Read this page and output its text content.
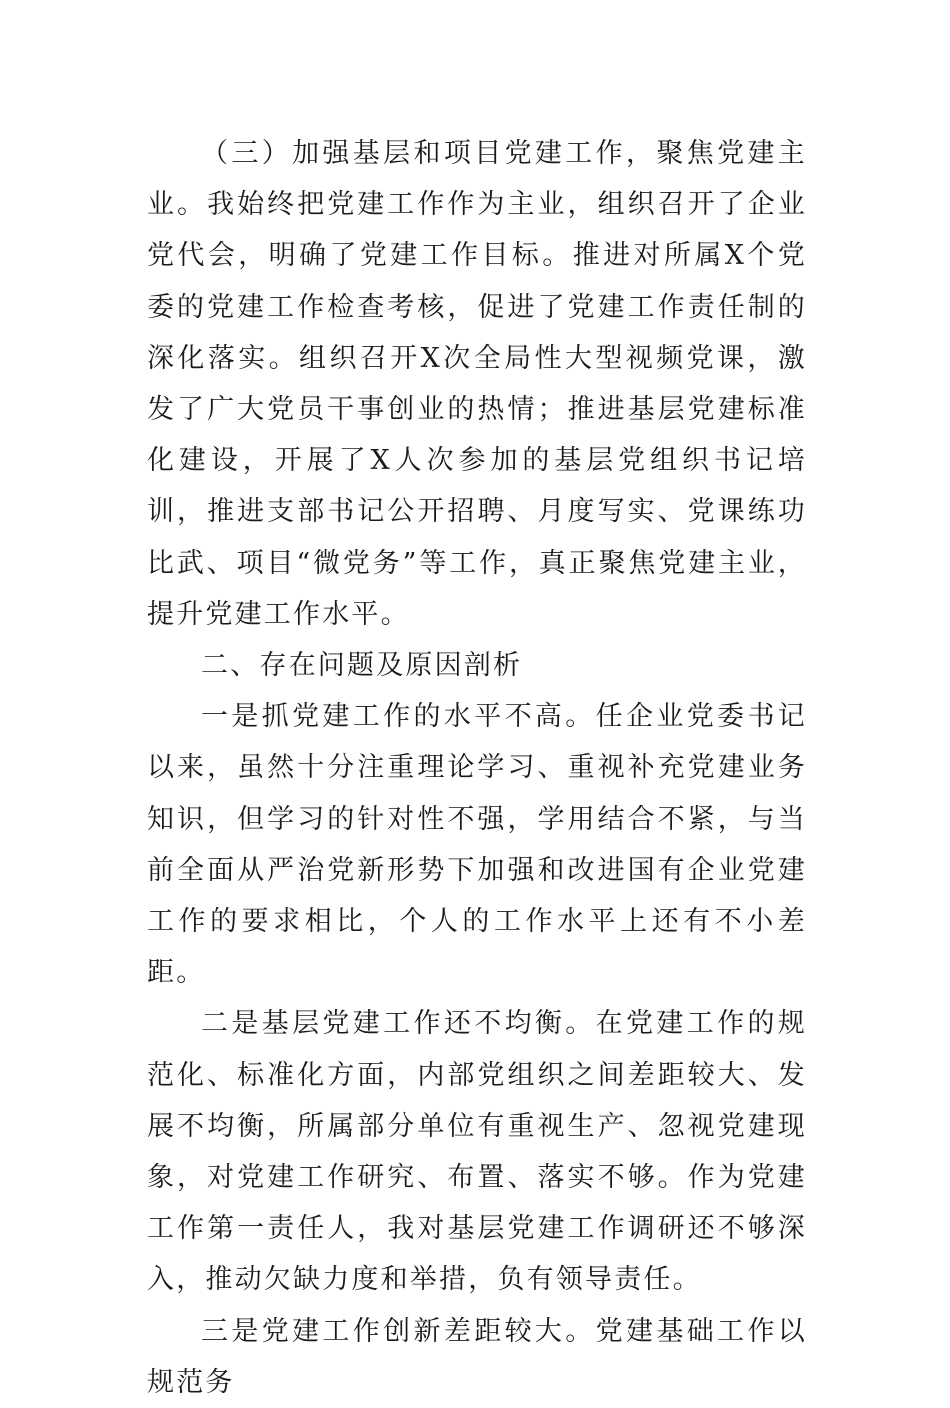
（三）加强基层和项目党建工作，聚焦党建主业。我始终把党建工作作为主业，组织召开了企业党代会，明确了党建工作目标。推进对所属X个党委的党建工作检查考核，促进了党建工作责任制的深化落实。组织召开X次全局性大型视频党课，激发了广大党员干事创业的热情；推进基层党建标准化建设，开展了X人次参加的基层党组织书记培训，推进支部书记公开招聘、月度写实、党课练功比武、项目“微党务”等工作，真正聚焦党建主业，提升党建工作水平。

二、存在问题及原因剖析

一是抓党建工作的水平不高。任企业党委书记以来，虽然十分注重理论学习、重视补充党建业务知识，但学习的针对性不强，学用结合不紧，与当前全面从严治党新形势下加强和改进国有企业党建工作的要求相比，个人的工作水平上还有不小差距。

二是基层党建工作还不均衡。在党建工作的规范化、标准化方面，内部党组织之间差距较大、发展不均衡，所属部分单位有重视生产、忽视党建现象，对党建工作研究、布置、落实不够。作为党建工作第一责任人，我对基层党建工作调研还不够深入，推动欠缺力度和举措，负有领导责任。

三是党建工作创新差距较大。党建基础工作以规范务
